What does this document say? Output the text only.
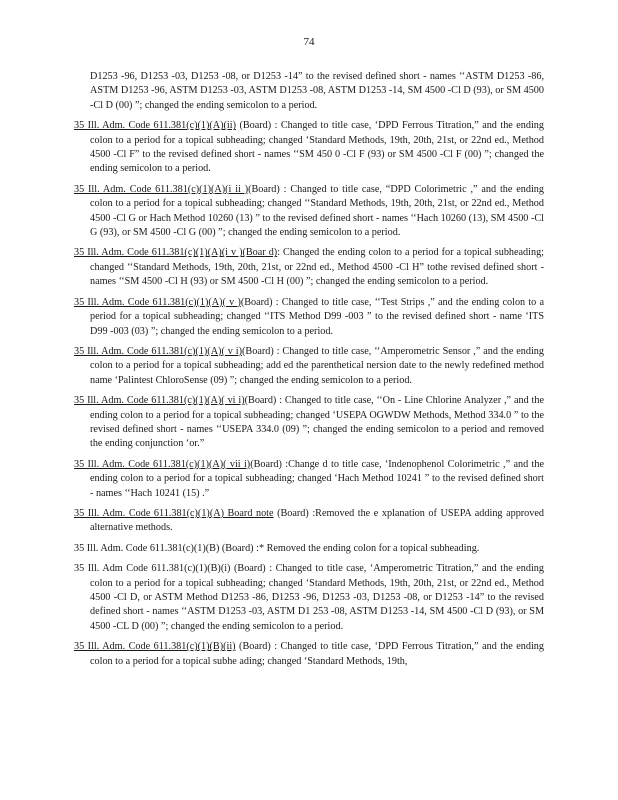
74

D1253 -96, D1253 -03, D1253 -08, or D1253 -14” to the revised defined short - names ‘‘ASTM D1253 -86, ASTM D1253 -96, ASTM D1253 -03, ASTM D1253 -08, ASTM D1253 -14, SM 4500 -Cl D (93), or SM 4500 -Cl D (00) ”; changed the ending semicolon to a period.

35 Ill. Adm. Code 611.381(c)(1)(A)(ii) (Board) : Changed to title case, ‘DPD Ferrous Titration,” and the ending colon to a period for a topical subheading; changed ‘Standard Methods, 19th, 20th, 21st, or 22nd ed., Method 4500 -Cl F” to the revised defined short - names ‘‘SM 450 0 -Cl F (93) or SM 4500 -Cl F (00) ”; changed the ending semicolon to a period.

35 Ill. Adm. Code 611.381(c)(1)(A)(i ii )(Board) : Changed to title case, “DPD Colorimetric ,” and the ending colon to a period for a topical subheading; changed ‘‘Standard Methods, 19th, 20th, 21st, or 22nd ed., Method 4500 -Cl G or Hach Method 10260 (13) ” to the revised defined short - names ‘‘Hach 10260 (13), SM 4500 -Cl G (93), or SM 4500 -Cl G (00) ”; changed the ending semicolon to a period.

35 Ill. Adm. Code 611.381(c)(1)(A)(i v )(Boar d): Changed the ending colon to a period for a topical subheading; changed ‘‘Standard Methods, 19th, 20th, 21st, or 22nd ed., Method 4500 -Cl H” tothe revised defined short -names ‘‘SM 4500 -Cl H (93) or SM 4500 -Cl H (00) ”; changed the ending semicolon to a period.

35 Ill. Adm. Code 611.381(c)(1)(A)( v )(Board) : Changed to title case, ‘‘Test Strips ,” and the ending colon to a period for a topical subheading; changed ‘‘ITS Method D99 -003 ” to the revised defined short - name ‘ITS D99 -003 (03) ”; changed the ending semicolon to a period.

35 Ill. Adm. Code 611.381(c)(1)(A)( v i)(Board) : Changed to title case, ‘‘Amperometric Sensor ,” and the ending colon to a period for a topical subheading; add ed the parenthetical nersion date to the newly redefined method name ‘Palintest ChloroSense (09) ”; changed the ending semicolon to a period.

35 Ill. Adm. Code 611.381(c)(1)(A)( vi i)(Board) : Changed to title case, ‘‘On - Line Chlorine Analyzer ,” and the ending colon to a period for a topical subheading; changed ‘USEPA OGWDW Methods, Method 334.0 ” to the revised defined short - names ‘‘USEPA 334.0 (09) ”; changed the ending semicolon to a period and removed the ending conjunction ‘or.”

35 Ill. Adm. Code 611.381(c)(1)(A)( vii i)(Board) :Change d to title case, ‘Indenophenol Colorimetric ,” and the ending colon to a period for a topical subheading; changed ‘Hach Method 10241 ” to the revised defined short - names ‘‘Hach 10241 (15) .”

35 Ill. Adm. Code 611.381(c)(1)(A) Board note (Board) :Removed the e xplanation of USEPA adding approved alternative methods.

35 Ill. Adm. Code 611.381(c)(1)(B) (Board) :* Removed the ending colon for a topical subheading.

35 Ill. Adm Code 611.381(c)(1)(B)(i) (Board) : Changed to title case, ‘Amperometric Titration,” and the ending colon to a period for a topical subheading; changed ‘Standard Methods, 19th, 20th, 21st, or 22nd ed., Method 4500 -Cl D, or ASTM Method D1253 -86, D1253 -96, D1253 -03, D1253 -08, or D1253 -14” to the revised defined short - names ‘‘ASTM D1253 -03, ASTM D1 253 -08, ASTM D1253 -14, SM 4500 -Cl D (93), or SM 4500 -CL D (00) ”; changed the ending semicolon to a period.

35 Ill. Adm. Code 611.381(c)(1)(B)(ii) (Board) : Changed to title case, ‘DPD Ferrous Titration,” and the ending colon to a period for a topical subhe ading; changed ‘Standard Methods, 19th,
